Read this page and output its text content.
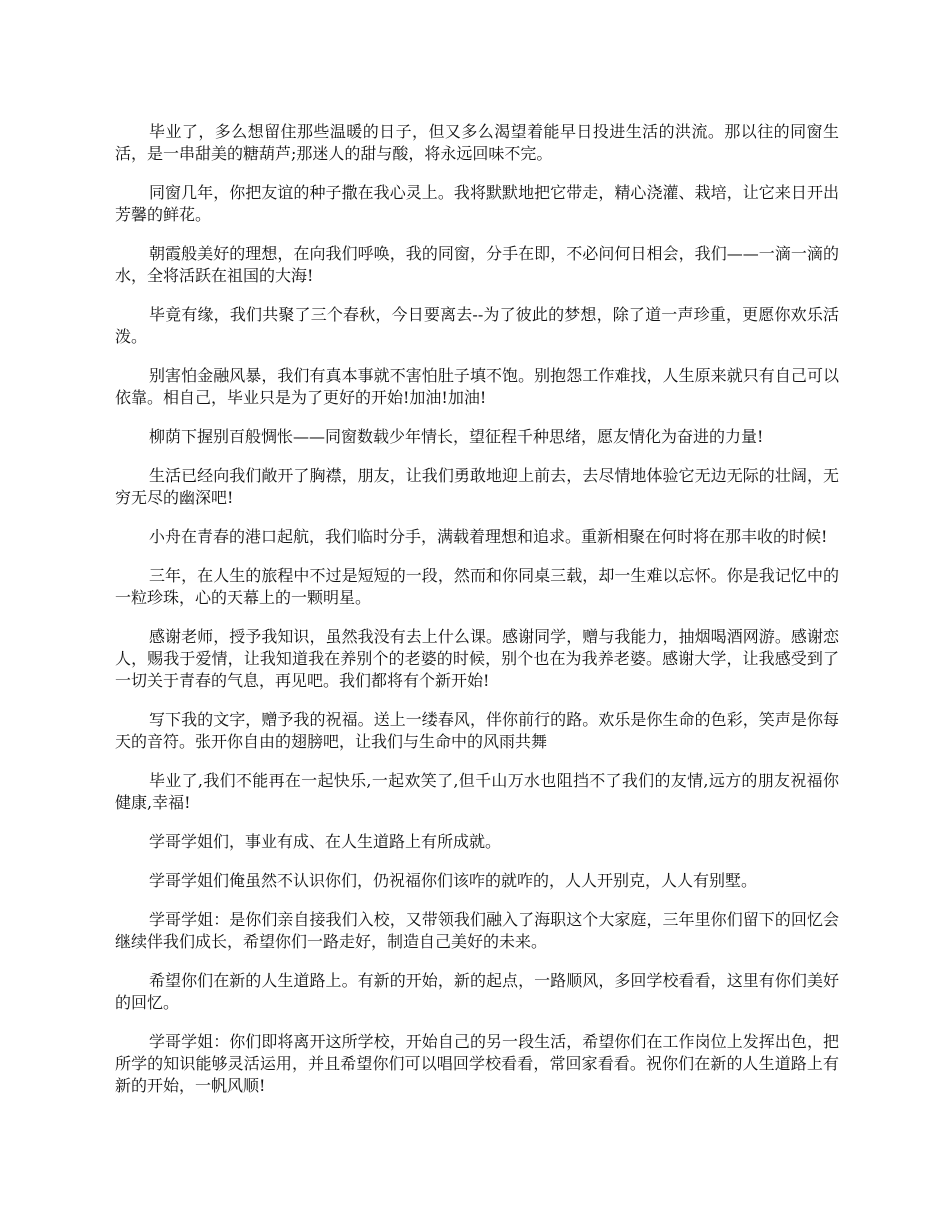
毕业了，多么想留住那些温暖的日子，但又多么渴望着能早日投进生活的洪流。那以往的同窗生活，是一串甜美的糖葫芦;那迷人的甜与酸，将永远回味不完。

同窗几年，你把友谊的种子撒在我心灵上。我将默默地把它带走，精心浇灌、栽培，让它来日开出芳馨的鲜花。

朝霞般美好的理想，在向我们呼唤，我的同窗，分手在即，不必问何日相会，我们——一滴一滴的水，全将活跃在祖国的大海!

毕竟有缘，我们共聚了三个春秋，今日要离去--为了彼此的梦想，除了道一声珍重，更愿你欢乐活泼。

别害怕金融风暴，我们有真本事就不害怕肚子填不饱。别抱怨工作难找，人生原来就只有自己可以依靠。相自己，毕业只是为了更好的开始!加油!加油!

柳荫下握别百般惆怅——同窗数载少年情长，望征程千种思绪，愿友情化为奋进的力量!

生活已经向我们敞开了胸襟，朋友，让我们勇敢地迎上前去，去尽情地体验它无边无际的壮阔，无穷无尽的幽深吧!

小舟在青春的港口起航，我们临时分手，满载着理想和追求。重新相聚在何时将在那丰收的时候!

三年，在人生的旅程中不过是短短的一段，然而和你同桌三载，却一生难以忘怀。你是我记忆中的一粒珍珠，心的天幕上的一颗明星。

感谢老师，授予我知识，虽然我没有去上什么课。感谢同学，赠与我能力，抽烟喝酒网游。感谢恋人，赐我于爱情，让我知道我在养别个的老婆的时候，别个也在为我养老婆。感谢大学，让我感受到了一切关于青春的气息，再见吧。我们都将有个新开始!

写下我的文字，赠予我的祝福。送上一缕春风，伴你前行的路。欢乐是你生命的色彩，笑声是你每天的音符。张开你自由的翅膀吧，让我们与生命中的风雨共舞

毕业了,我们不能再在一起快乐,一起欢笑了,但千山万水也阻挡不了我们的友情,远方的朋友祝福你健康,幸福!

学哥学姐们，事业有成、在人生道路上有所成就。

学哥学姐们俺虽然不认识你们，仍祝福你们该咋的就咋的，人人开别克，人人有别墅。

学哥学姐：是你们亲自接我们入校，又带领我们融入了海职这个大家庭，三年里你们留下的回忆会继续伴我们成长，希望你们一路走好，制造自己美好的未来。

希望你们在新的人生道路上。有新的开始，新的起点，一路顺风，多回学校看看，这里有你们美好的回忆。

学哥学姐：你们即将离开这所学校，开始自己的另一段生活，希望你们在工作岗位上发挥出色，把所学的知识能够灵活运用，并且希望你们可以唱回学校看看，常回家看看。祝你们在新的人生道路上有新的开始，一帆风顺!
